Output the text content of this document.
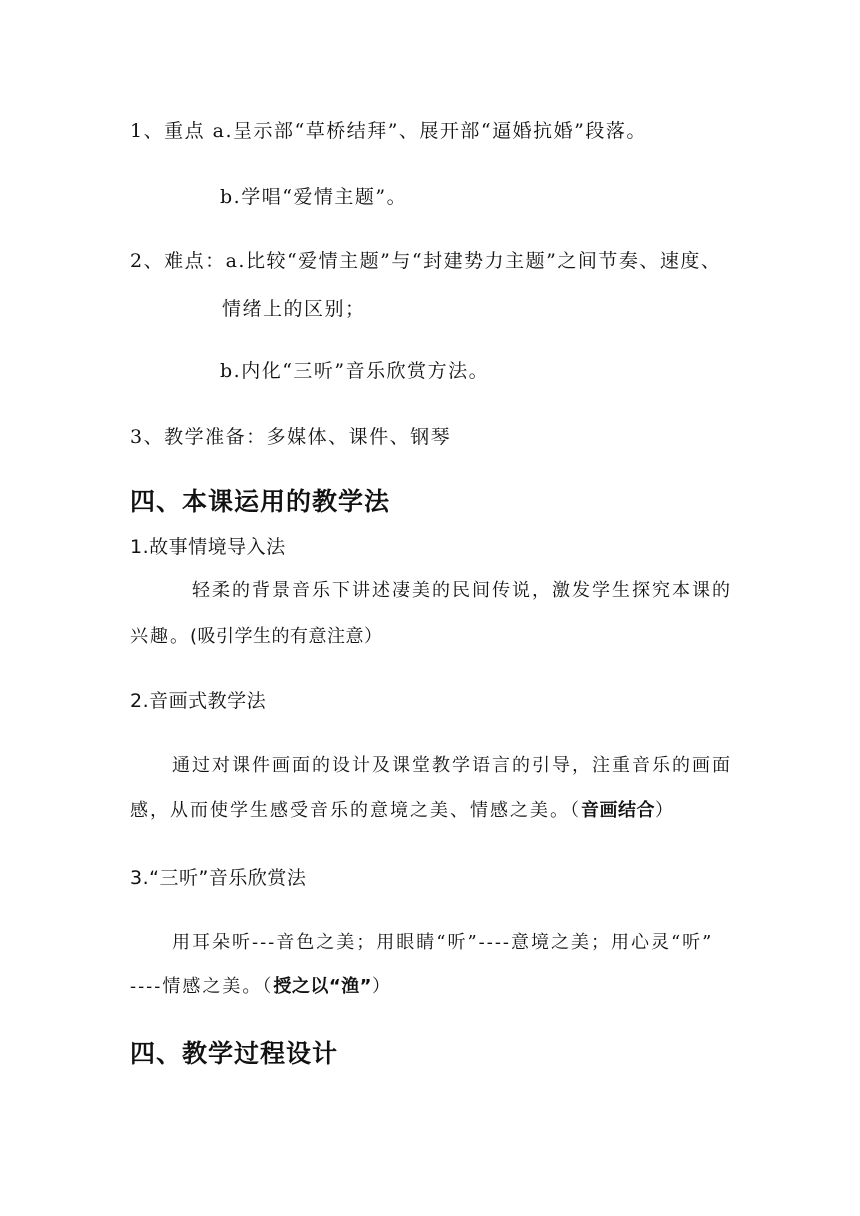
1、重点 a.呈示部“草桥结拜”、展开部“逼婚抗婚”段落。
b.学唱“爱情主题”。
2、难点：a.比较“爱情主题”与“封建势力主题”之间节奏、速度、
情绪上的区别；
b.内化“三听”音乐欣赏方法。
3、教学准备：多媒体、课件、钢琴
四、本课运用的教学法
1.故事情境导入法
轻柔的背景音乐下讲述凄美的民间传说，激发学生探究本课的
兴趣。(吸引学生的有意注意）
2.音画式教学法
通过对课件画面的设计及课堂教学语言的引导，注重音乐的画面
感，从而使学生感受音乐的意境之美、情感之美。（音画结合）
3.“三听”音乐欣赏法
用耳朵听---音色之美；用眼睛“听”----意境之美；用心灵“听”
----情感之美。（授之以“渔”）
四、教学过程设计
